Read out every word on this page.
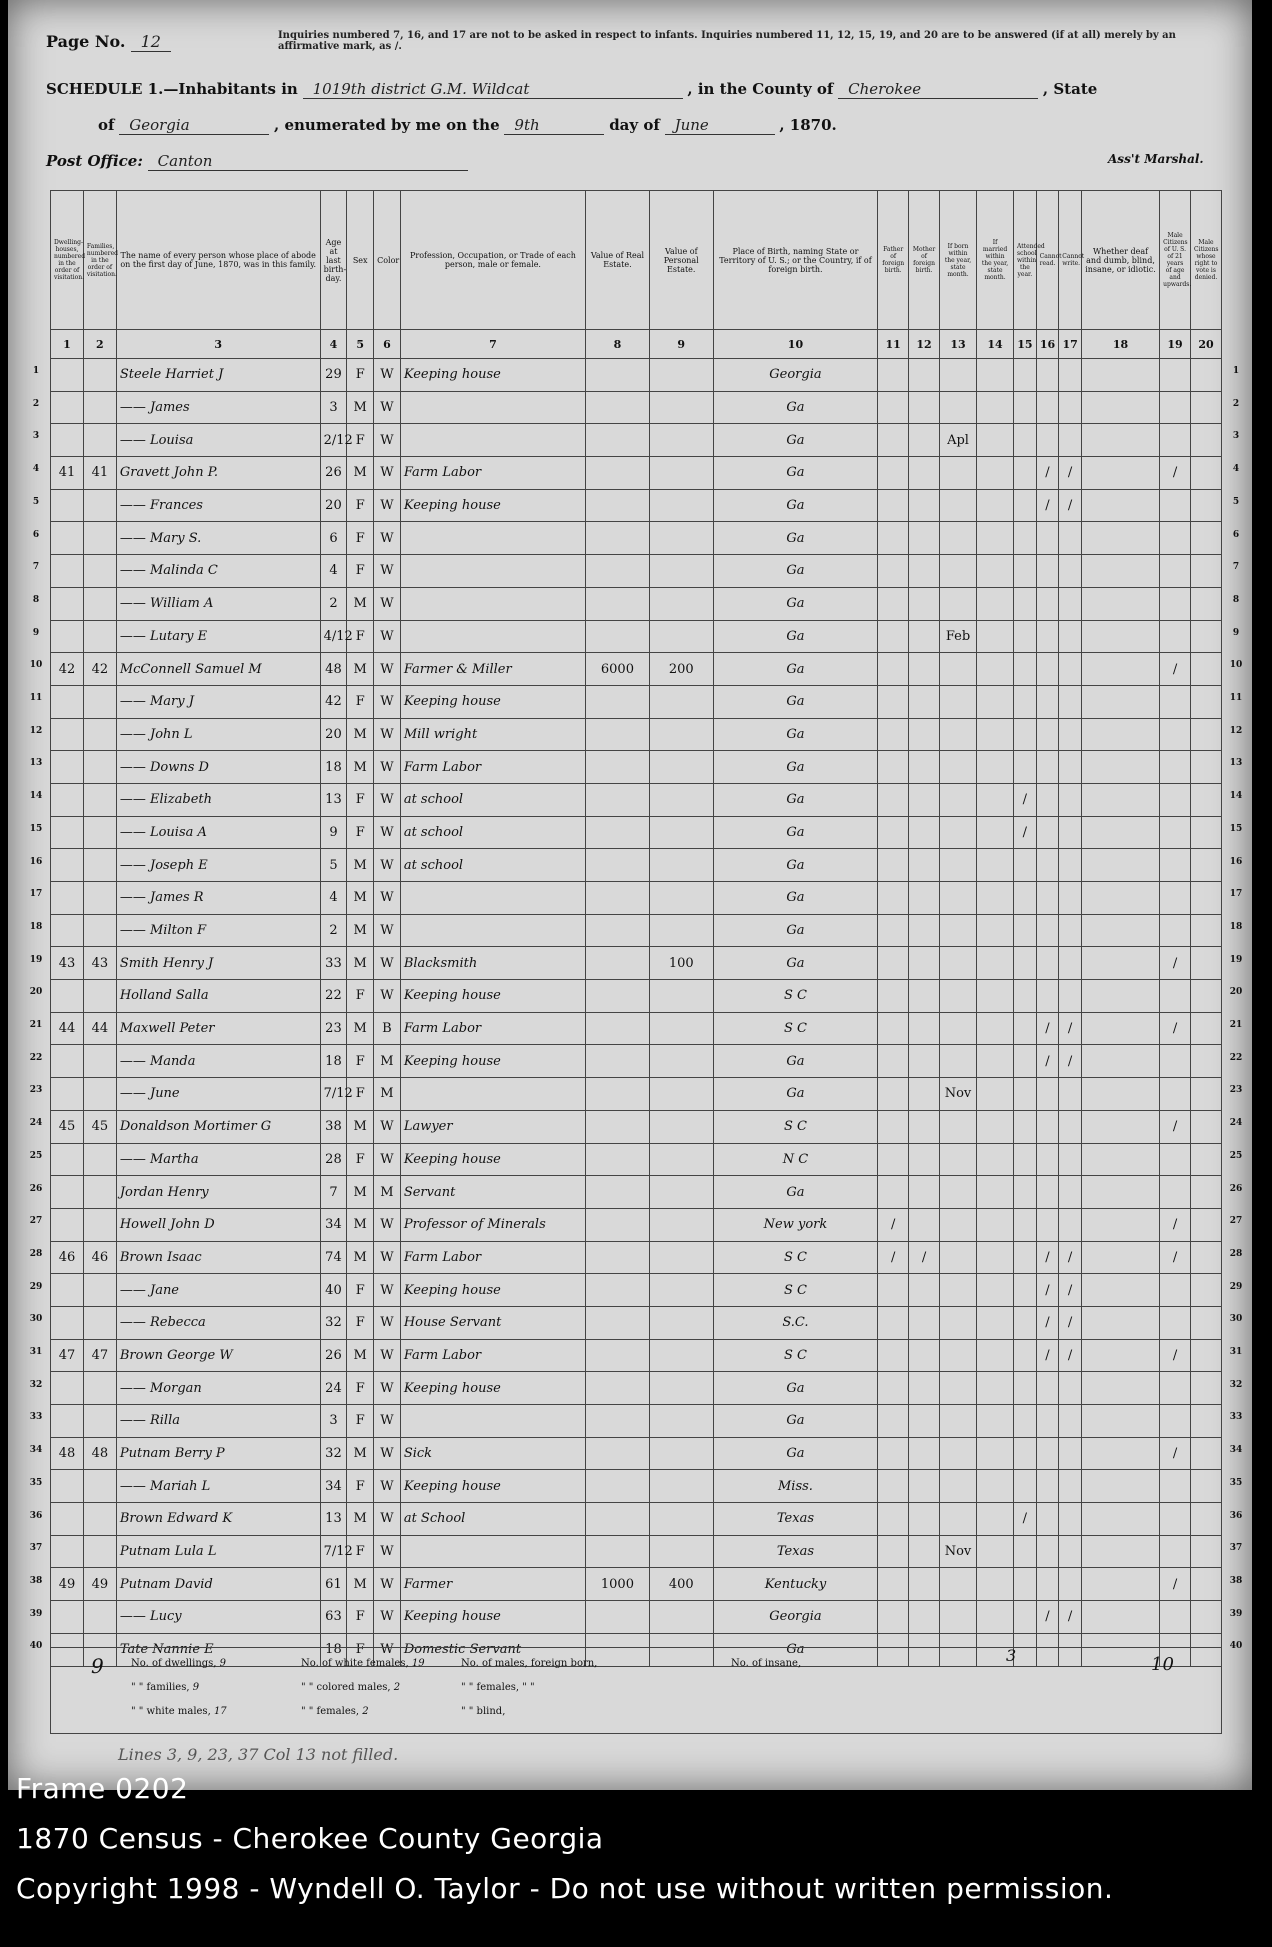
Page No. 12	Inquiries numbered 7, 16, and 17 are not to be asked in respect to infants. Inquiries numbered 11, 12, 15, 19, and 20 are to be answered (if at all) merely by an affirmative mark, as /.
SCHEDULE 1.—Inhabitants in 1019th district G.M. Wildcat	, in the County of Cherokee	, State
of Georgia	, enumerated by me on the 9th	day of June	, 1870.
Post Office: Canton	Ass't Marshal.
Dwelling-houses, numbered in the order of visitation.	Families, numbered in the order of visitation.	The name of every person whose place of abode on the first day of June, 1870, was in this family.	Age at last birth-day.	Sex	Color	Profession, Occupation, or Trade of each person, male or female.	Value of Real Estate.	Value of Personal Estate.	Place of Birth, naming State or Territory of U. S.; or the Country, if of foreign birth.	Father of foreign birth.	Mother of foreign birth.	If born within the year, state month.	If married within the year, state month.	Attended school within the year.	Cannot read.	Cannot write.	Whether deaf and dumb, blind, insane, or idiotic.	Male Citizens of U. S. of 21 years of age and upwards.	Male Citizens whose right to vote is denied.
1	2	3	4	5	6	7	8	9	10	11	12	13	14	15	16	17	18	19	20
		Steele Harriet J	29	F	W	Keeping house			Georgia										
		—— James	3	M	W				Ga										
		—— Louisa	2/12	F	W				Ga			Apl							
41	41	Gravett John P.	26	M	W	Farm Labor			Ga						/	/		/	
		—— Frances	20	F	W	Keeping house			Ga						/	/			
		—— Mary S.	6	F	W				Ga										
		—— Malinda C	4	F	W				Ga										
		—— William A	2	M	W				Ga										
		—— Lutary E	4/12	F	W				Ga			Feb							
42	42	McConnell Samuel M	48	M	W	Farmer & Miller	6000	200	Ga									/	
		—— Mary J	42	F	W	Keeping house			Ga										
		—— John L	20	M	W	Mill wright			Ga										
		—— Downs D	18	M	W	Farm Labor			Ga										
		—— Elizabeth	13	F	W	at school			Ga					/					
		—— Louisa A	9	F	W	at school			Ga					/					
		—— Joseph E	5	M	W	at school			Ga										
		—— James R	4	M	W				Ga										
		—— Milton F	2	M	W				Ga										
43	43	Smith Henry J	33	M	W	Blacksmith		100	Ga									/	
		Holland Salla	22	F	W	Keeping house			S C										
44	44	Maxwell Peter	23	M	B	Farm Labor			S C						/	/		/	
		—— Manda	18	F	M	Keeping house			Ga						/	/			
		—— June	7/12	F	M				Ga			Nov							
45	45	Donaldson Mortimer G	38	M	W	Lawyer			S C									/	
		—— Martha	28	F	W	Keeping house			N C										
		Jordan Henry	7	M	M	Servant			Ga										
		Howell John D	34	M	W	Professor of Minerals			New york	/								/	
46	46	Brown Isaac	74	M	W	Farm Labor			S C	/	/				/	/		/	
		—— Jane	40	F	W	Keeping house			S C						/	/			
		—— Rebecca	32	F	W	House Servant			S.C.						/	/			
47	47	Brown George W	26	M	W	Farm Labor			S C						/	/		/	
		—— Morgan	24	F	W	Keeping house			Ga										
		—— Rilla	3	F	W				Ga										
48	48	Putnam Berry P	32	M	W	Sick			Ga									/	
		—— Mariah L	34	F	W	Keeping house			Miss.										
		Brown Edward K	13	M	W	at School			Texas					/					
		Putnam Lula L	7/12	F	W				Texas			Nov							
49	49	Putnam David	61	M	W	Farmer	1000	400	Kentucky									/	
		—— Lucy	63	F	W	Keeping house			Georgia						/	/			
		Tate Nannie E	18	F	W	Domestic Servant			Ga										
9	No. of dwellings, 9
" " families, 9
" " white males, 17
No. of white females, 19
" " colored males, 2
" " females, 2
No. of males, foreign born,
" " females, " "
" " blind,
No. of insane,	3	10
Lines 3, 9, 23, 37 Col 13 not filled.
1	1
2	2
3	3
4	4
5	5
6	6
7	7
8	8
9	9
10	10
11	11
12	12
13	13
14	14
15	15
16	16
17	17
18	18
19	19
20	20
21	21
22	22
23	23
24	24
25	25
26	26
27	27
28	28
29	29
30	30
31	31
32	32
33	33
34	34
35	35
36	36
37	37
38	38
39	39
40	40
Frame 0202
1870 Census - Cherokee County Georgia
Copyright 1998 - Wyndell O. Taylor - Do not use without written permission.
